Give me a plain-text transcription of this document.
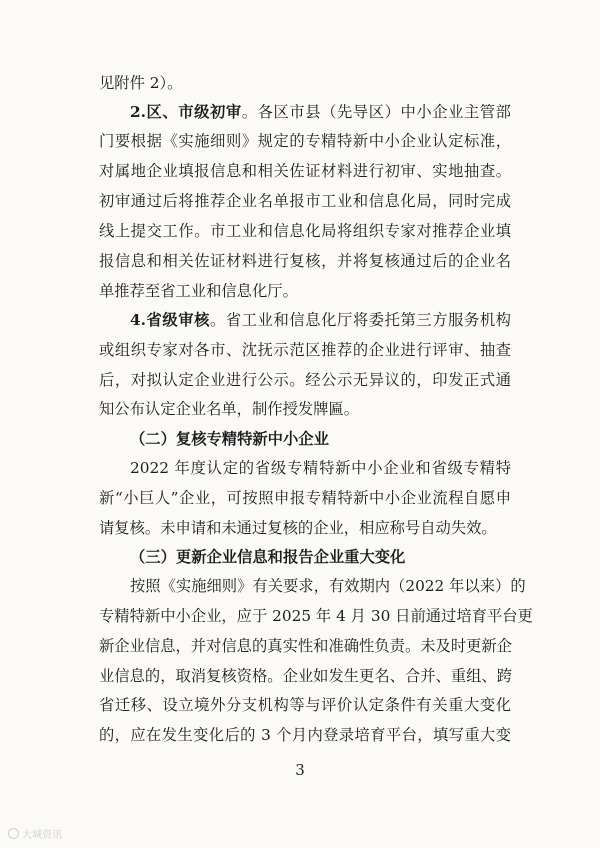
见附件 2）。
2.区、市级初审。各区市县（先导区）中小企业主管部
门要根据《实施细则》规定的专精特新中小企业认定标准，
对属地企业填报信息和相关佐证材料进行初审、实地抽查。
初审通过后将推荐企业名单报市工业和信息化局，同时完成
线上提交工作。市工业和信息化局将组织专家对推荐企业填
报信息和相关佐证材料进行复核，并将复核通过后的企业名
单推荐至省工业和信息化厅。
4.省级审核。省工业和信息化厅将委托第三方服务机构
或组织专家对各市、沈抚示范区推荐的企业进行评审、抽查
后，对拟认定企业进行公示。经公示无异议的，印发正式通
知公布认定企业名单，制作授发牌匾。
（二）复核专精特新中小企业
2022 年度认定的省级专精特新中小企业和省级专精特
新“小巨人”企业，可按照申报专精特新中小企业流程自愿申
请复核。未申请和未通过复核的企业，相应称号自动失效。
（三）更新企业信息和报告企业重大变化
按照《实施细则》有关要求，有效期内（2022 年以来）的
专精特新中小企业，应于 2025 年 4 月 30 日前通过培育平台更
新企业信息，并对信息的真实性和准确性负责。未及时更新企
业信息的，取消复核资格。企业如发生更名、合并、重组、跨
省迁移、设立境外分支机构等与评价认定条件有关重大变化
的，应在发生变化后的 3 个月内登录培育平台，填写重大变
3
大城资讯
